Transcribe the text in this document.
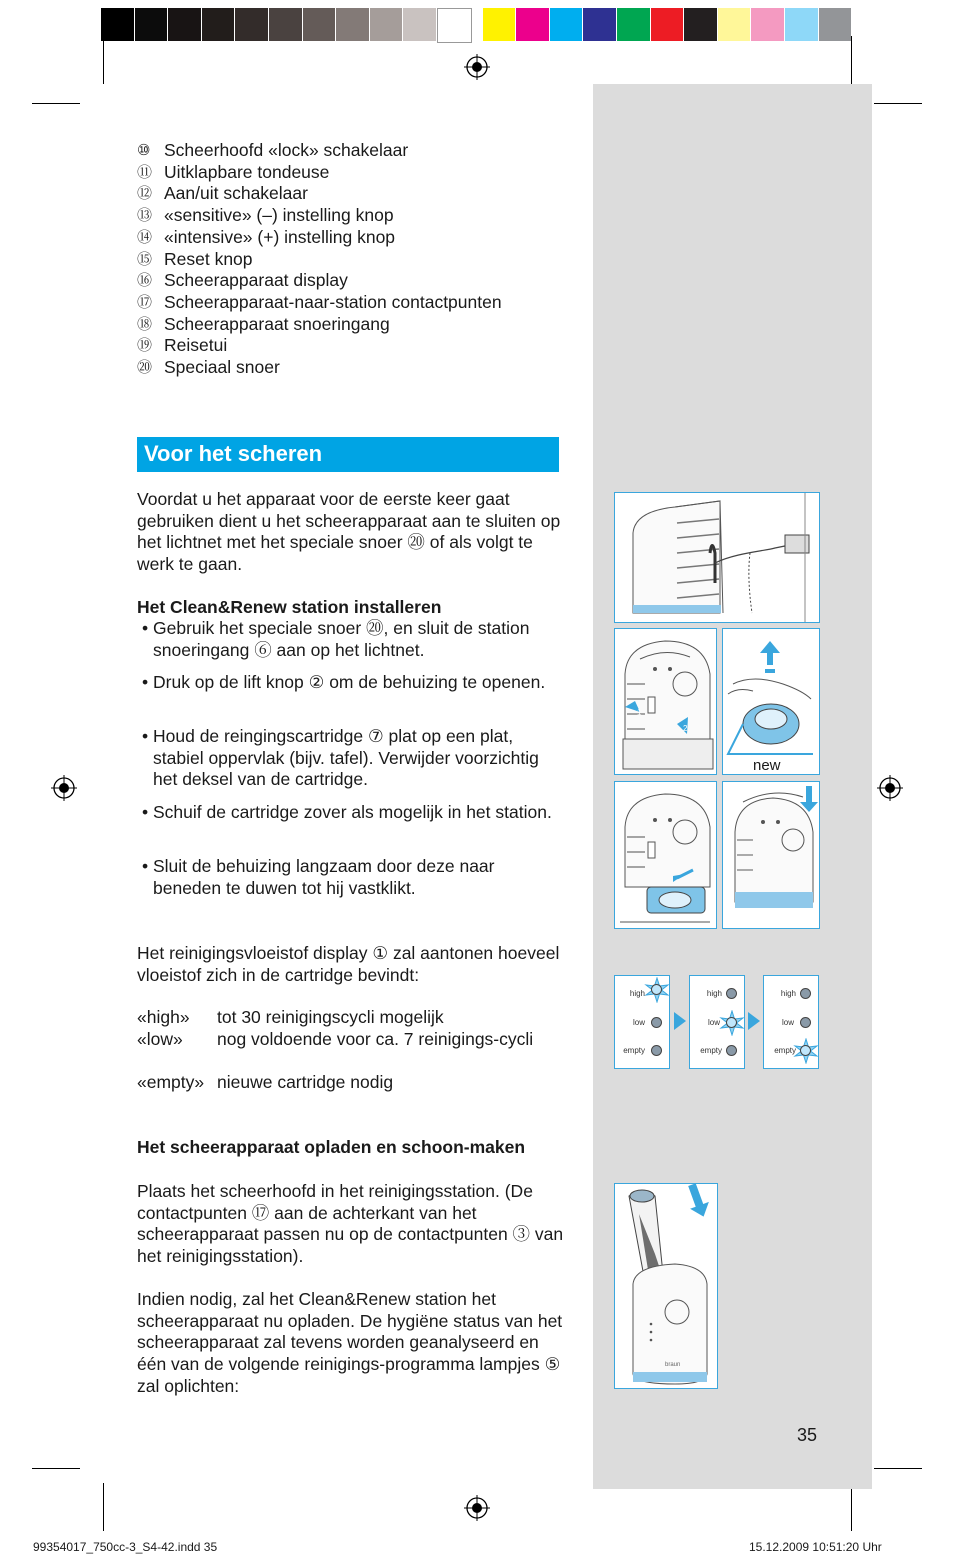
⑩ Scheerhoofd «lock» schakelaar
⑪ Uitklapbare tondeuse
⑫ Aan/uit schakelaar
⑬ «sensitive» (–) instelling knop
⑭ «intensive» (+) instelling knop
⑮ Reset knop
⑯ Scheerapparaat display
⑰ Scheerapparaat-naar-station contactpunten
⑱ Scheerapparaat snoeringang
⑲ Reisetui
⑳ Speciaal snoer
Voor het scheren
Voordat u het apparaat voor de eerste keer gaat gebruiken dient u het scheerapparaat aan te sluiten op het lichtnet met het speciale snoer ⑳ of als volgt te werk te gaan.
Het Clean&Renew station installeren
• Gebruik het speciale snoer ⑳, en sluit de station snoeringang ⑥ aan op het lichtnet.
• Druk op de lift knop ② om de behuizing te openen.
• Houd de reingingscartridge ⑦ plat op een plat, stabiel oppervlak (bijv. tafel). Verwijder voorzichtig het deksel van de cartridge.
• Schuif de cartridge zover als mogelijk in het station.
• Sluit de behuizing langzaam door deze naar beneden te duwen tot hij vastklikt.
Het reinigingsvloeistof display ① zal aantonen hoeveel vloeistof zich in de cartridge bevindt:
«high» tot 30 reinigingscycli mogelijk
«low» nog voldoende voor ca. 7 reinigings-cycli
«empty» nieuwe cartridge nodig
Het scheerapparaat opladen en schoon-maken
Plaats het scheerhoofd in het reinigingsstation. (De contactpunten ⑰ aan de achterkant van het scheerapparaat passen nu op de contactpunten ③ van het reinigingsstation).
Indien nodig, zal het Clean&Renew station het scheerapparaat nu opladen. De hygiëne status van het scheerapparaat zal tevens worden geanalyseerd en één van de volgende reinigings-programma lampjes ⑤ zal oplichten:
1
2
new
high
low
empty
high
low
empty
high
low
empty
braun
35
99354017_750cc-3_S4-42.indd 35	15.12.2009 10:51:20 Uhr
